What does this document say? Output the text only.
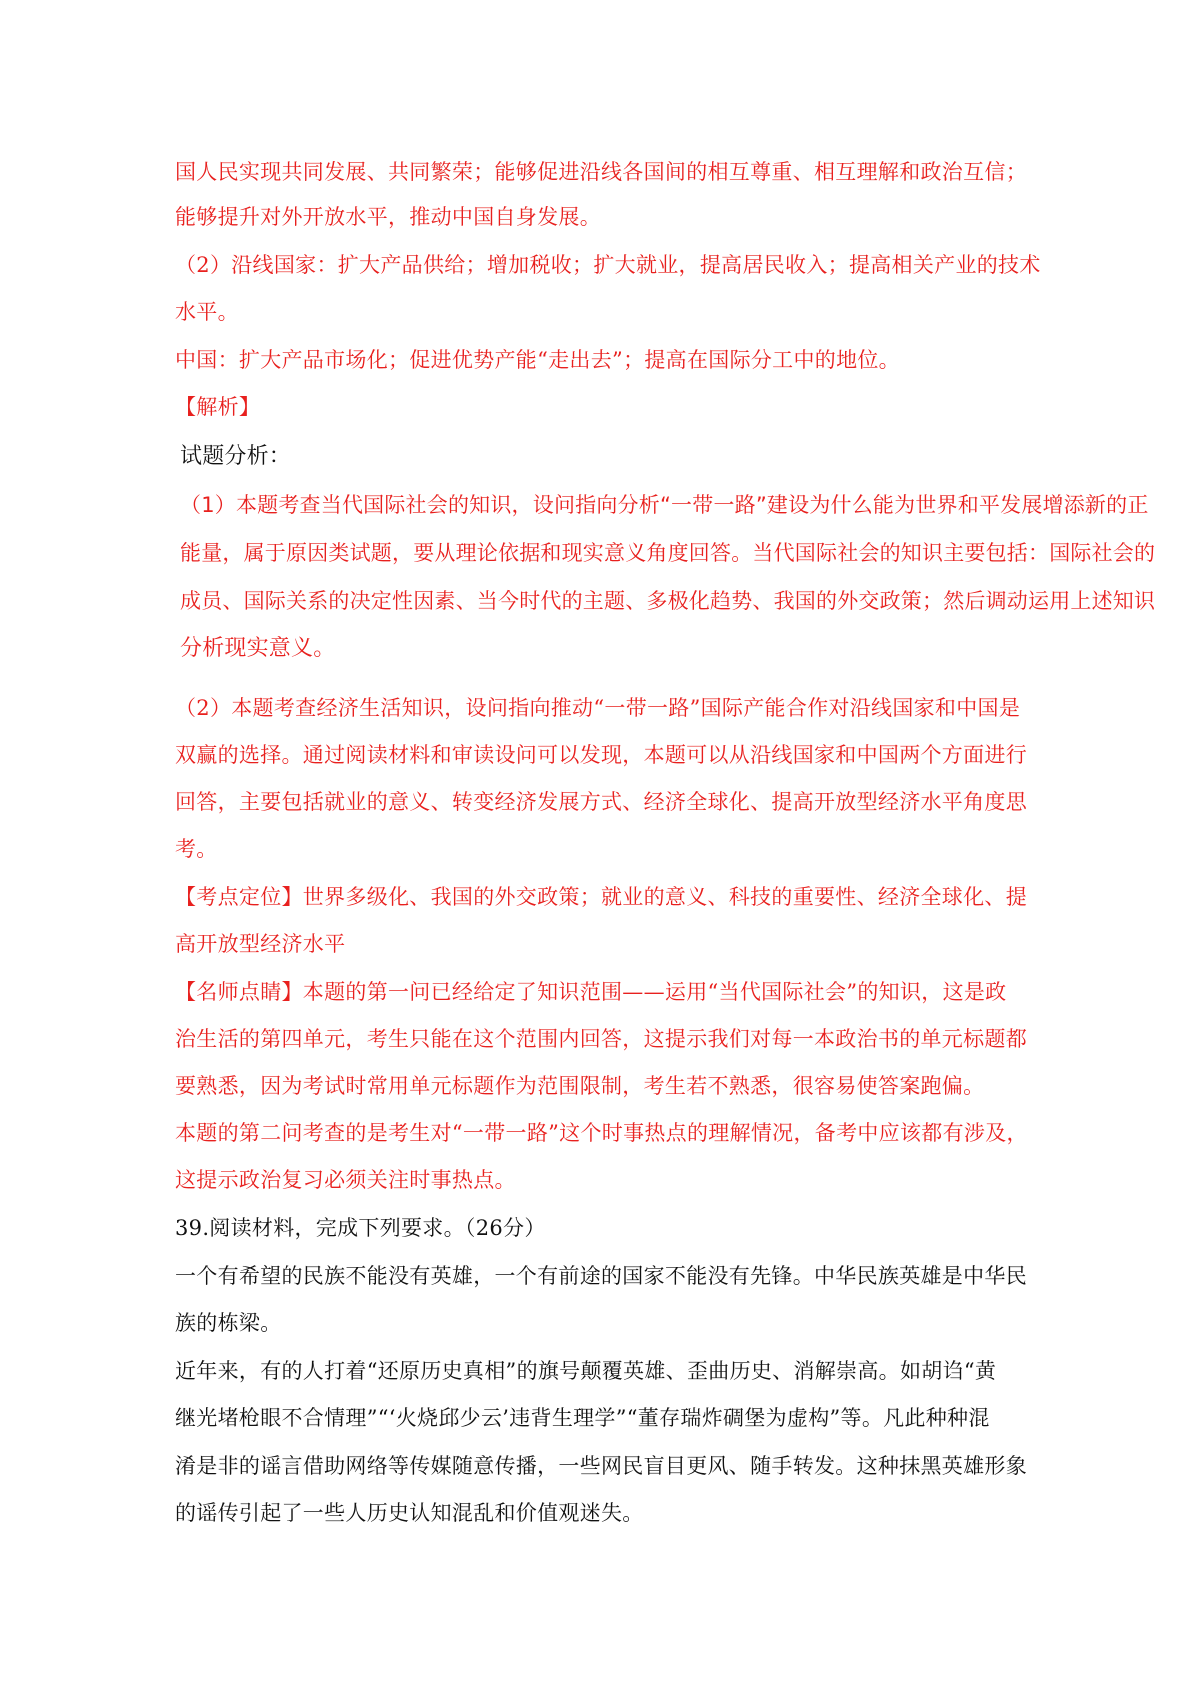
国人民实现共同发展、共同繁荣；能够促进沿线各国间的相互尊重、相互理解和政治互信；
能够提升对外开放水平，推动中国自身发展。
（2）沿线国家：扩大产品供给；增加税收；扩大就业，提高居民收入；提高相关产业的技术
水平。
中国：扩大产品市场化；促进优势产能“走出去”；提高在国际分工中的地位。
【解析】
试题分析：
（1）本题考查当代国际社会的知识，设问指向分析“一带一路”建设为什么能为世界和平发展增添新的正
能量，属于原因类试题，要从理论依据和现实意义角度回答。当代国际社会的知识主要包括：国际社会的
成员、国际关系的决定性因素、当今时代的主题、多极化趋势、我国的外交政策；然后调动运用上述知识
分析现实意义。
（2）本题考查经济生活知识，设问指向推动“一带一路”国际产能合作对沿线国家和中国是
双赢的选择。通过阅读材料和审读设问可以发现，本题可以从沿线国家和中国两个方面进行
回答，主要包括就业的意义、转变经济发展方式、经济全球化、提高开放型经济水平角度思
考。
【考点定位】世界多级化、我国的外交政策；就业的意义、科技的重要性、经济全球化、提
高开放型经济水平
【名师点睛】本题的第一问已经给定了知识范围——运用“当代国际社会”的知识，这是政
治生活的第四单元，考生只能在这个范围内回答，这提示我们对每一本政治书的单元标题都
要熟悉，因为考试时常用单元标题作为范围限制，考生若不熟悉，很容易使答案跑偏。
本题的第二问考查的是考生对“一带一路”这个时事热点的理解情况，备考中应该都有涉及，
这提示政治复习必须关注时事热点。
39.阅读材料，完成下列要求。（26分）
一个有希望的民族不能没有英雄，一个有前途的国家不能没有先锋。中华民族英雄是中华民
族的栋梁。
近年来，有的人打着“还原历史真相”的旗号颠覆英雄、歪曲历史、消解崇高。如胡诌“黄
继光堵枪眼不合情理”“‘火烧邱少云’违背生理学”“董存瑞炸碉堡为虚构”等。凡此种种混
淆是非的谣言借助网络等传媒随意传播，一些网民盲目更风、随手转发。这种抹黑英雄形象
的谣传引起了一些人历史认知混乱和价值观迷失。
